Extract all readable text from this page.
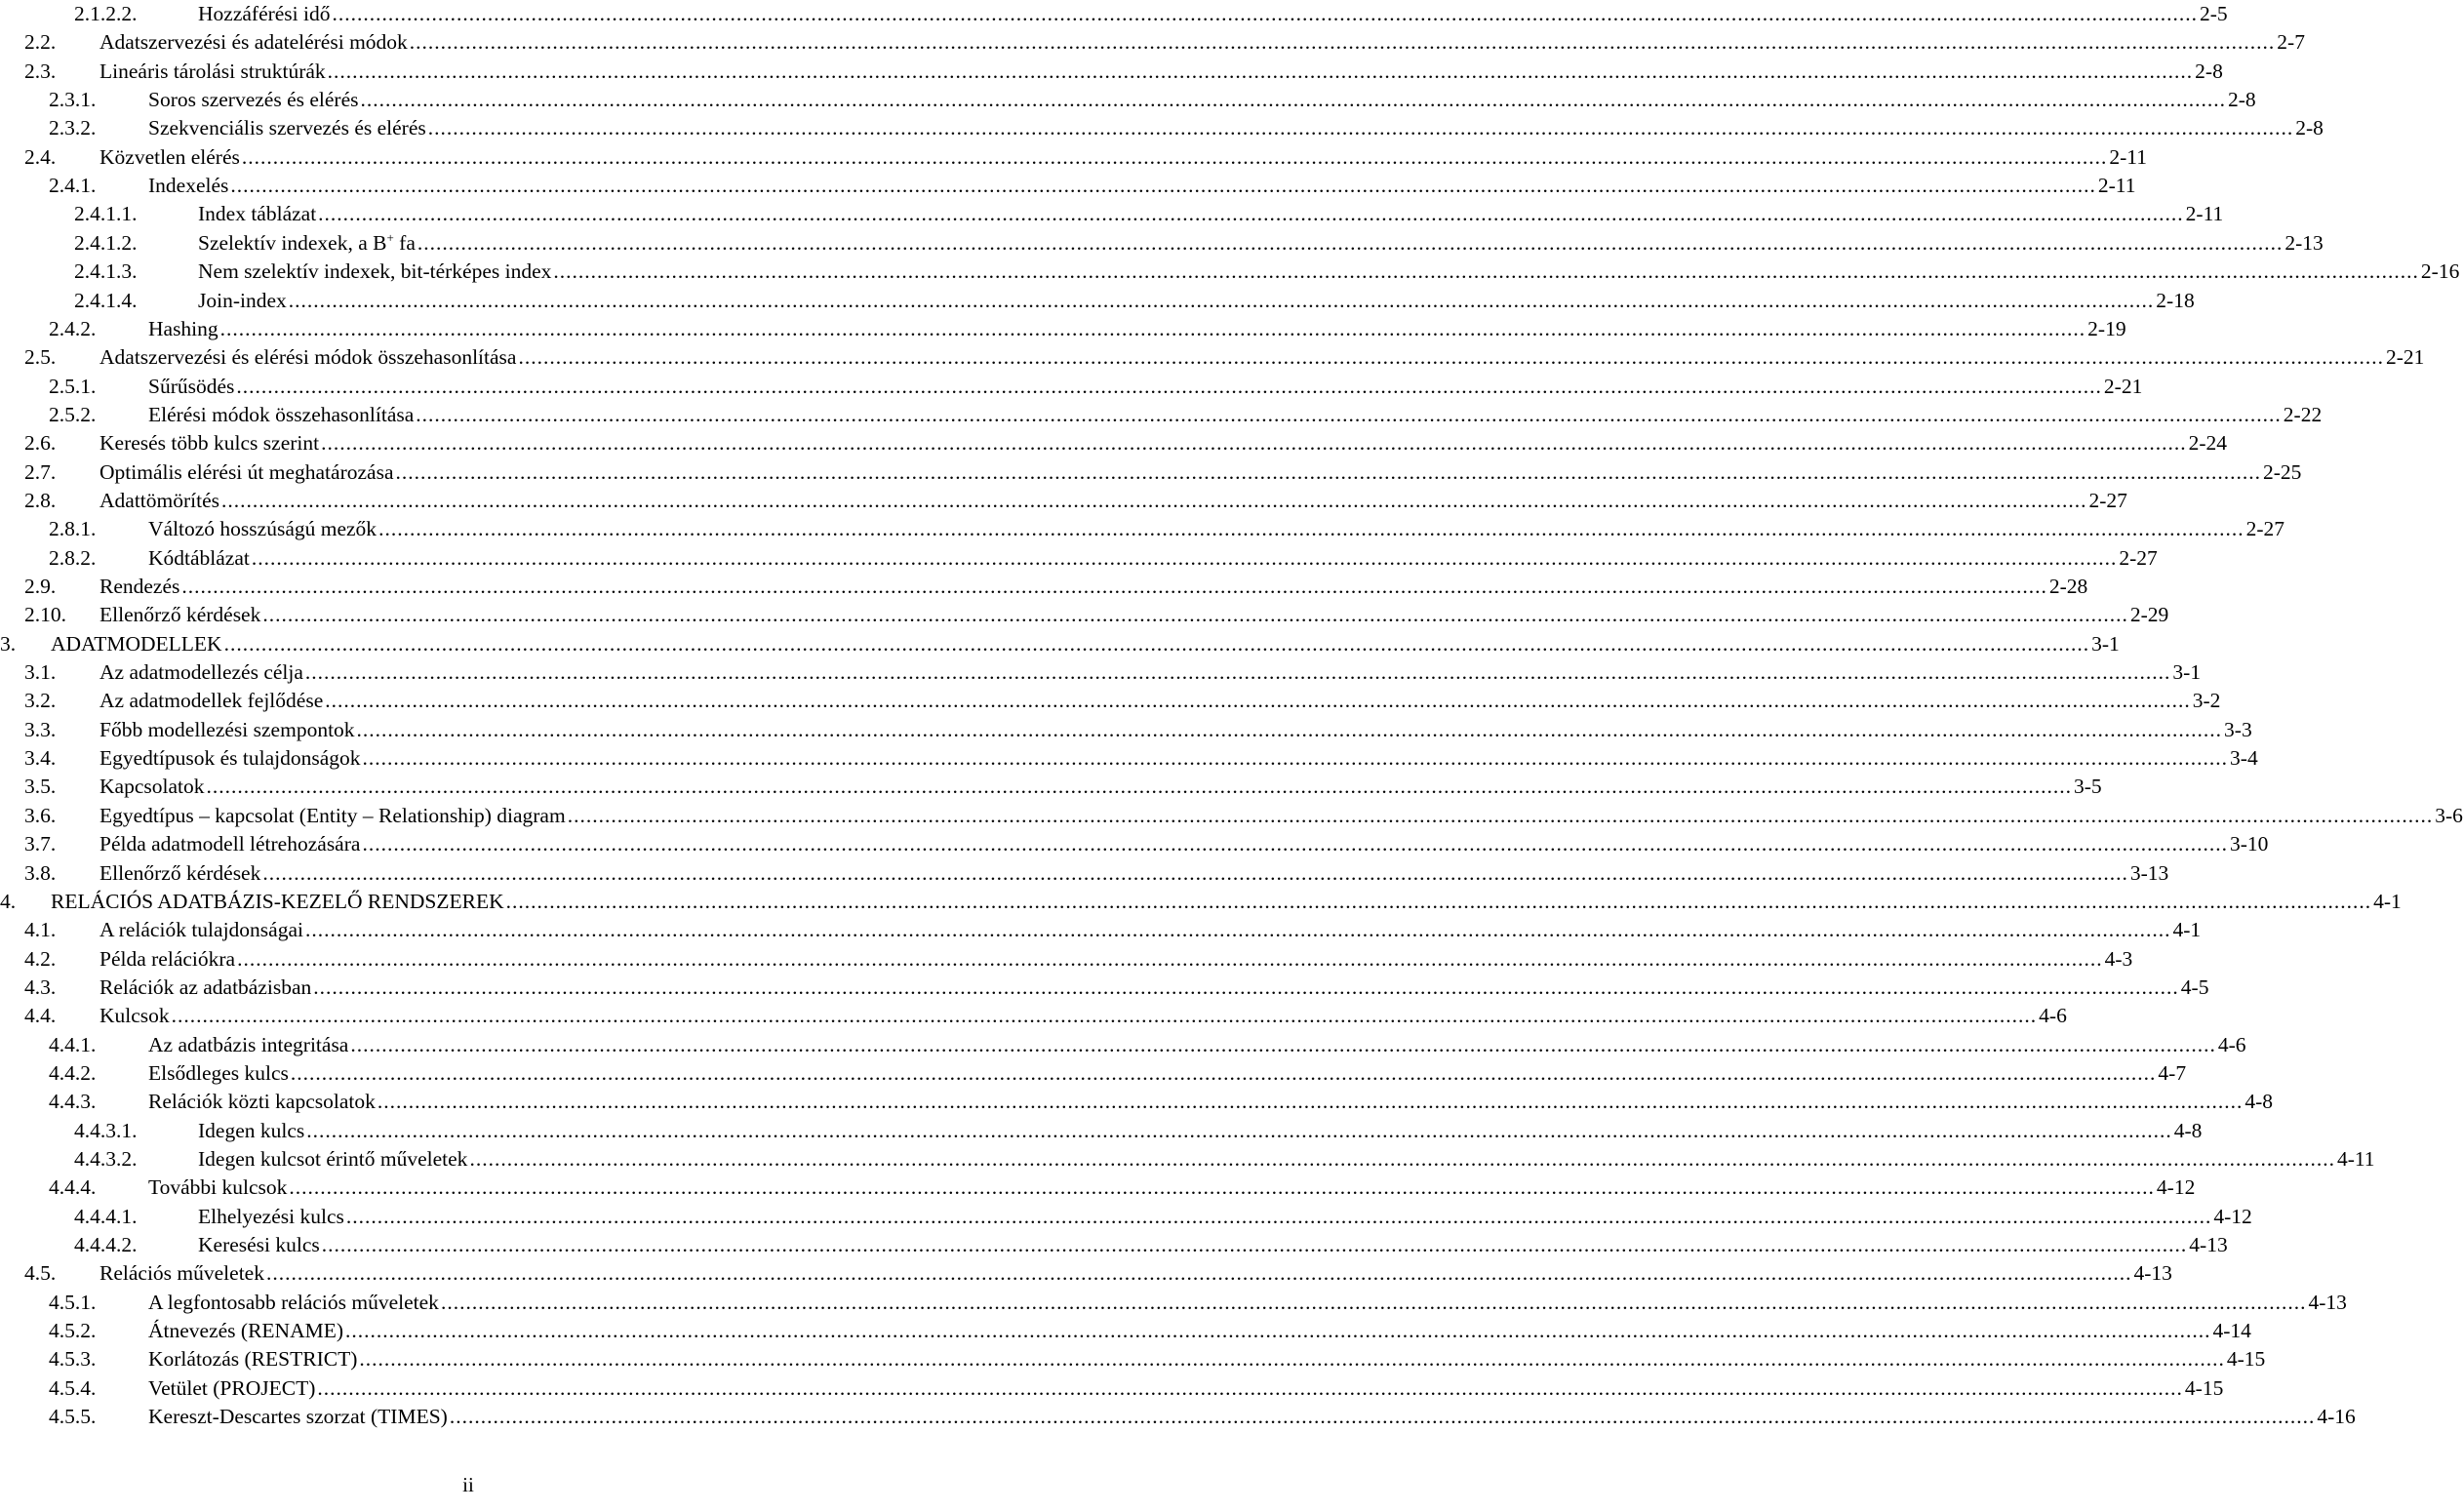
2.1.2.2.	Hozzáférési idő ............................................................................................................................................................................................................................................................................................................ 2-5
2.2.	Adatszervezési és adatelérési módok ............................................................................................................................................................................................................................................................................................................ 2-7
2.3.	Lineáris tárolási struktúrák ............................................................................................................................................................................................................................................................................................................ 2-8
2.3.1.	Soros szervezés és elérés ............................................................................................................................................................................................................................................................................................................ 2-8
2.3.2.	Szekvenciális szervezés és elérés ............................................................................................................................................................................................................................................................................................................ 2-8
2.4.	Közvetlen elérés ............................................................................................................................................................................................................................................................................................................ 2-11
2.4.1.	Indexelés ............................................................................................................................................................................................................................................................................................................ 2-11
2.4.1.1.	Index táblázat ............................................................................................................................................................................................................................................................................................................ 2-11
2.4.1.2.	Szelektív indexek, a B+ fa ............................................................................................................................................................................................................................................................................................................ 2-13
2.4.1.3.	Nem szelektív indexek, bit-térképes index ............................................................................................................................................................................................................................................................................................................ 2-16
2.4.1.4.	Join-index ............................................................................................................................................................................................................................................................................................................ 2-18
2.4.2.	Hashing ............................................................................................................................................................................................................................................................................................................ 2-19
2.5.	Adatszervezési és elérési módok összehasonlítása ............................................................................................................................................................................................................................................................................................................ 2-21
2.5.1.	Sűrűsödés ............................................................................................................................................................................................................................................................................................................ 2-21
2.5.2.	Elérési módok összehasonlítása ............................................................................................................................................................................................................................................................................................................ 2-22
2.6.	Keresés több kulcs szerint ............................................................................................................................................................................................................................................................................................................ 2-24
2.7.	Optimális elérési út meghatározása ............................................................................................................................................................................................................................................................................................................ 2-25
2.8.	Adattömörítés ............................................................................................................................................................................................................................................................................................................ 2-27
2.8.1.	Változó hosszúságú mezők ............................................................................................................................................................................................................................................................................................................ 2-27
2.8.2.	Kódtáblázat ............................................................................................................................................................................................................................................................................................................ 2-27
2.9.	Rendezés ............................................................................................................................................................................................................................................................................................................ 2-28
2.10.	Ellenőrző kérdések ............................................................................................................................................................................................................................................................................................................ 2-29
3.	ADATMODELLEK ............................................................................................................................................................................................................................................................................................................ 3-1
3.1.	Az adatmodellezés célja ............................................................................................................................................................................................................................................................................................................ 3-1
3.2.	Az adatmodellek fejlődése ............................................................................................................................................................................................................................................................................................................ 3-2
3.3.	Főbb modellezési szempontok ............................................................................................................................................................................................................................................................................................................ 3-3
3.4.	Egyedtípusok és tulajdonságok ............................................................................................................................................................................................................................................................................................................ 3-4
3.5.	Kapcsolatok ............................................................................................................................................................................................................................................................................................................ 3-5
3.6.	Egyedtípus – kapcsolat (Entity – Relationship) diagram ............................................................................................................................................................................................................................................................................................................ 3-6
3.7.	Példa adatmodell létrehozására ............................................................................................................................................................................................................................................................................................................ 3-10
3.8.	Ellenőrző kérdések ............................................................................................................................................................................................................................................................................................................ 3-13
4.	RELÁCIÓS ADATBÁZIS-KEZELŐ RENDSZEREK ............................................................................................................................................................................................................................................................................................................ 4-1
4.1.	A relációk tulajdonságai ............................................................................................................................................................................................................................................................................................................ 4-1
4.2.	Példa relációkra ............................................................................................................................................................................................................................................................................................................ 4-3
4.3.	Relációk az adatbázisban ............................................................................................................................................................................................................................................................................................................ 4-5
4.4.	Kulcsok ............................................................................................................................................................................................................................................................................................................ 4-6
4.4.1.	Az adatbázis integritása ............................................................................................................................................................................................................................................................................................................ 4-6
4.4.2.	Elsődleges kulcs ............................................................................................................................................................................................................................................................................................................ 4-7
4.4.3.	Relációk közti kapcsolatok ............................................................................................................................................................................................................................................................................................................ 4-8
4.4.3.1.	Idegen kulcs ............................................................................................................................................................................................................................................................................................................ 4-8
4.4.3.2.	Idegen kulcsot érintő műveletek ............................................................................................................................................................................................................................................................................................................ 4-11
4.4.4.	További kulcsok ............................................................................................................................................................................................................................................................................................................ 4-12
4.4.4.1.	Elhelyezési kulcs ............................................................................................................................................................................................................................................................................................................ 4-12
4.4.4.2.	Keresési kulcs ............................................................................................................................................................................................................................................................................................................ 4-13
4.5.	Relációs műveletek ............................................................................................................................................................................................................................................................................................................ 4-13
4.5.1.	A legfontosabb relációs műveletek ............................................................................................................................................................................................................................................................................................................ 4-13
4.5.2.	Átnevezés (RENAME) ............................................................................................................................................................................................................................................................................................................ 4-14
4.5.3.	Korlátozás (RESTRICT) ............................................................................................................................................................................................................................................................................................................ 4-15
4.5.4.	Vetület (PROJECT) ............................................................................................................................................................................................................................................................................................................ 4-15
4.5.5.	Kereszt-Descartes szorzat (TIMES) ............................................................................................................................................................................................................................................................................................................ 4-16
ii
